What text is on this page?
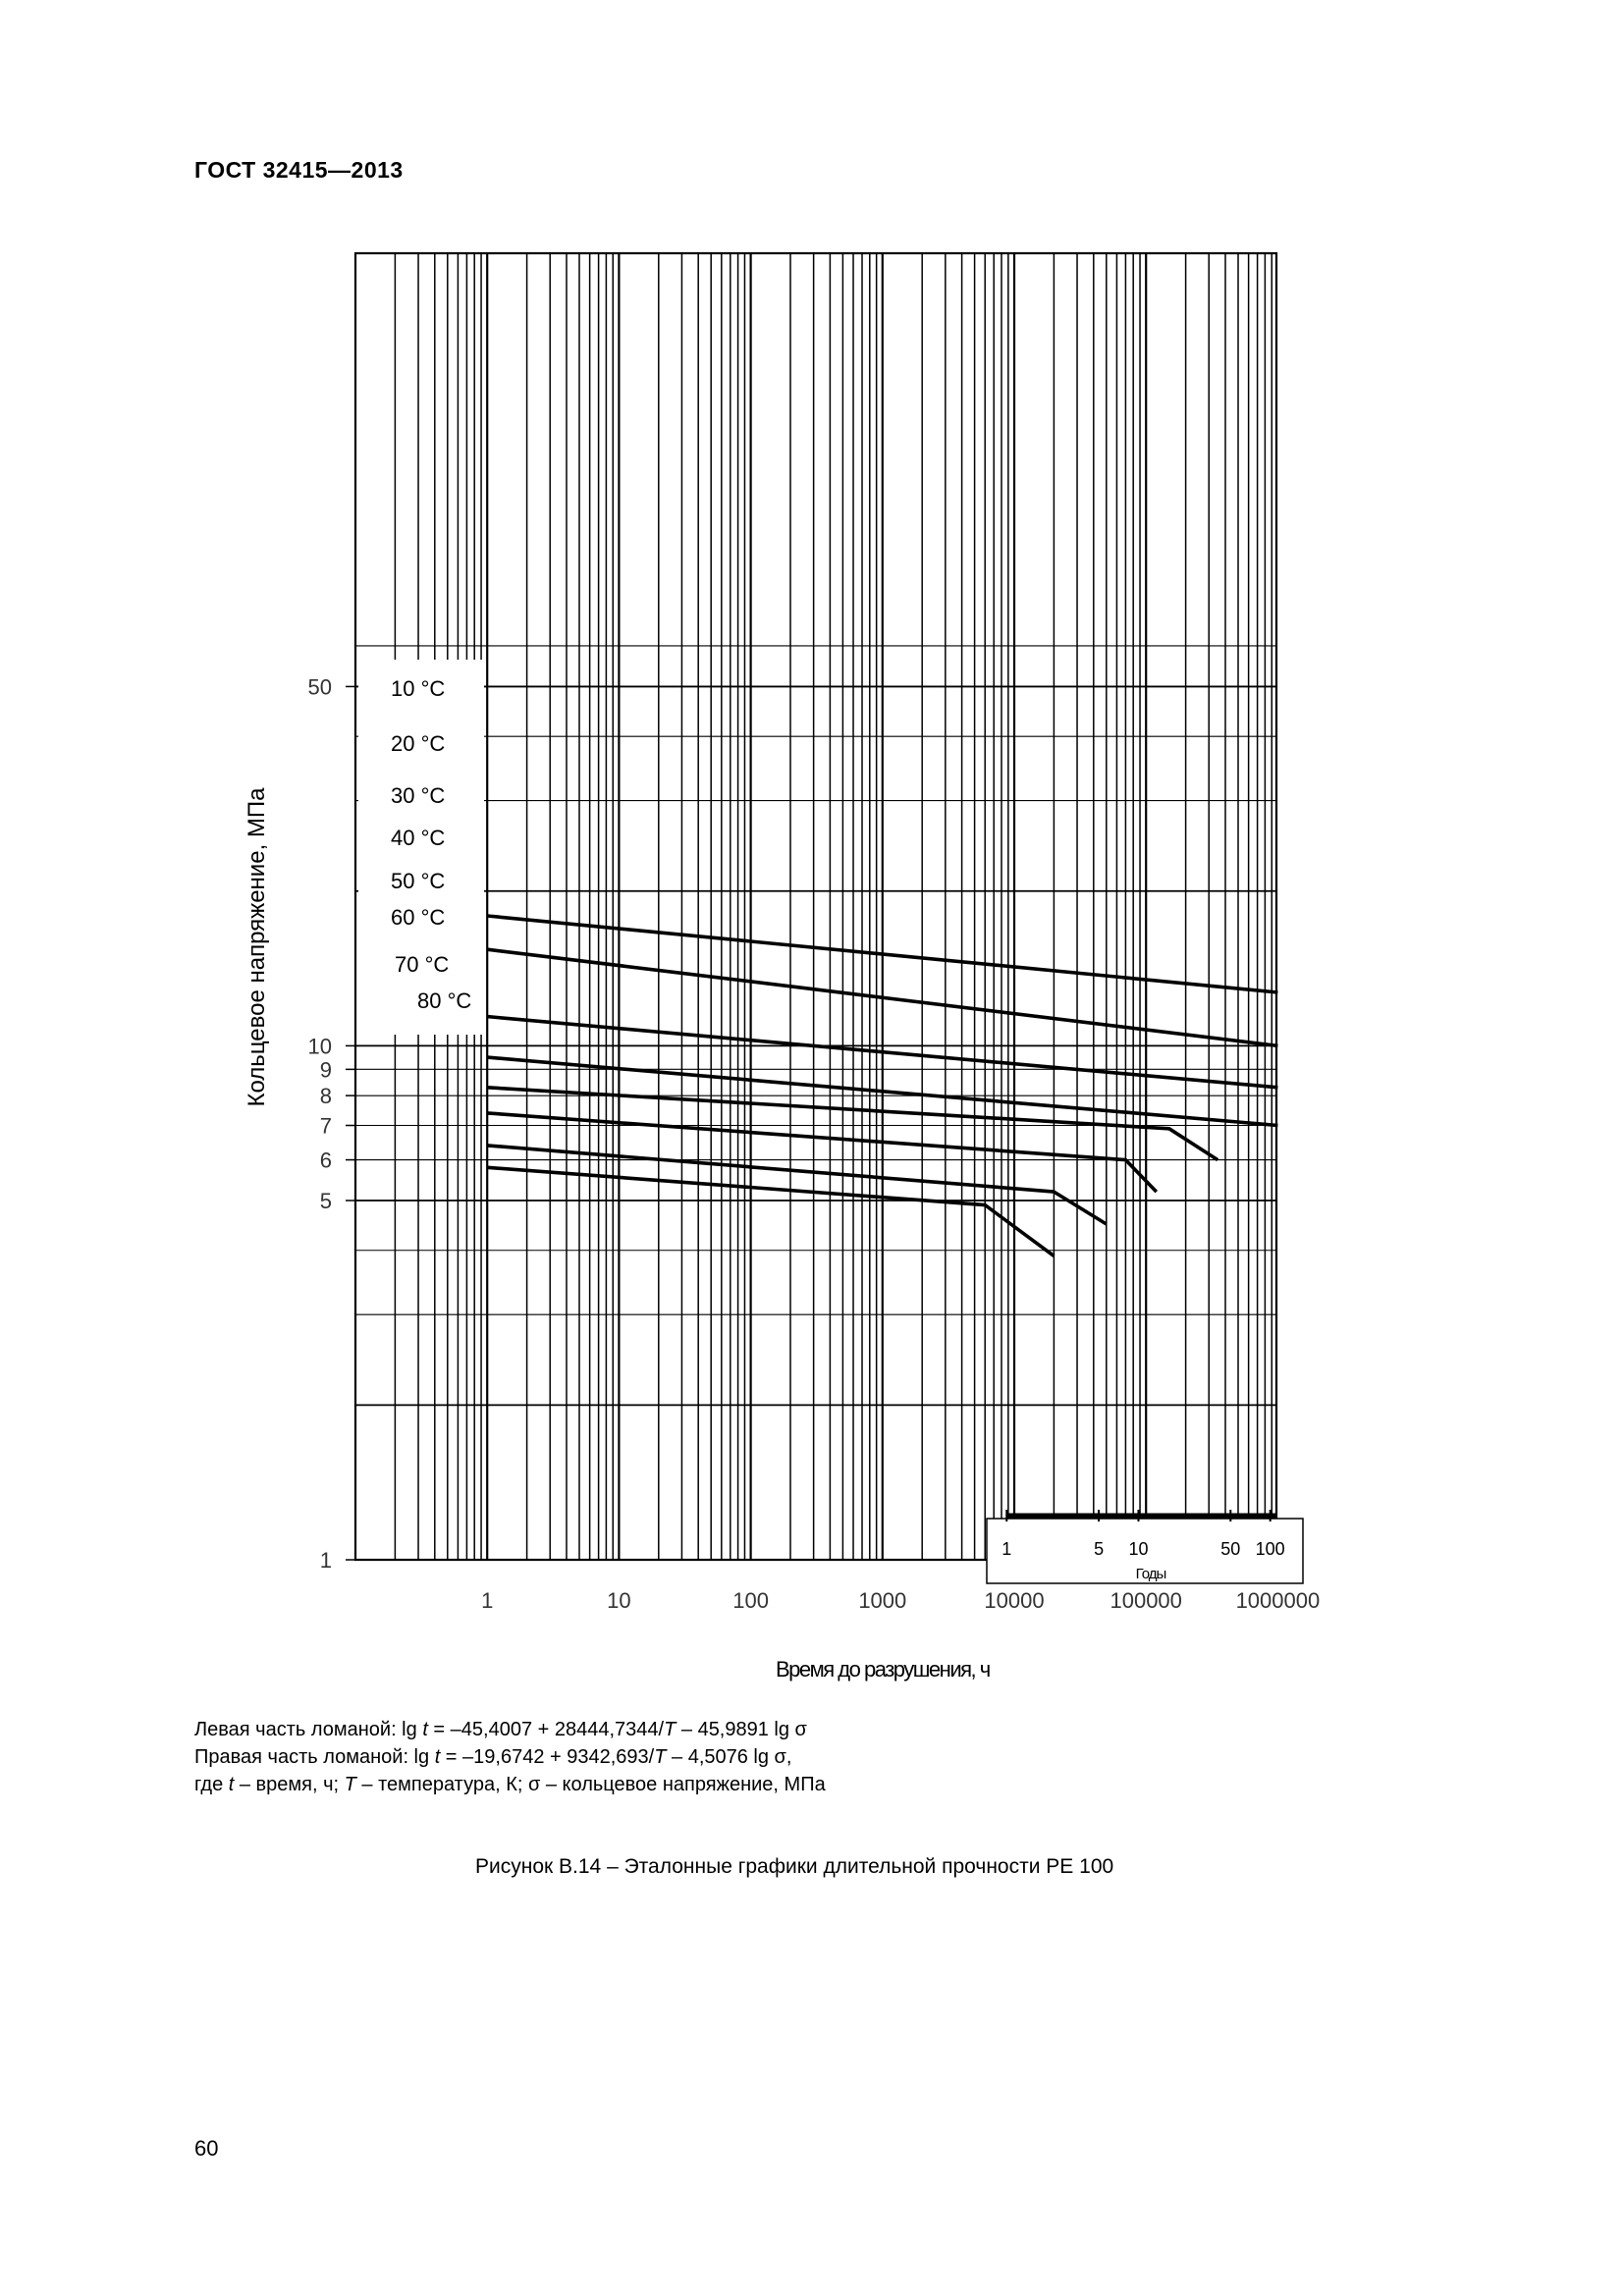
ГОСТ 32415—2013
10 °C
20 °C
30 °C
40 °C
50 °C
60 °C
70 °C
80 °C
1	5 10	50 100
Годы
1
5
6
7
8
9
10
50
1	10	100	1000	10000	100000 1000000
Кольцевое напряжение, МПа
Время до разрушения, ч
Левая часть ломаной: lg t = –45,4007 + 28444,7344/T – 45,9891 lg σ
Правая часть ломаной: lg t = –19,6742 + 9342,693/T – 4,5076 lg σ,
где t – время, ч; T – температура, К; σ – кольцевое напряжение, МПа
Рисунок В.14 – Эталонные графики длительной прочности РЕ 100
60
